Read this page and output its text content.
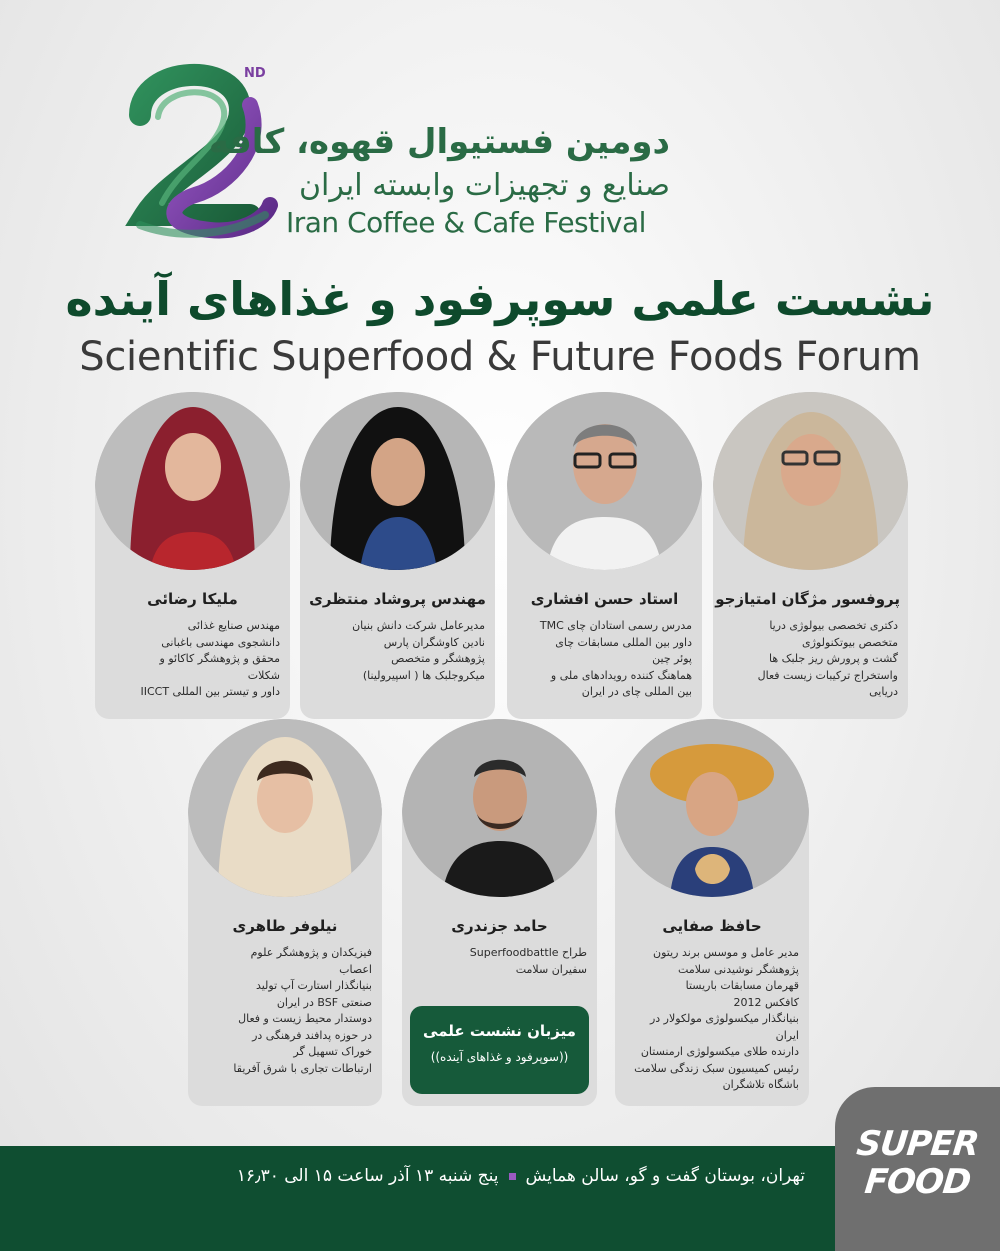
ND
دومین فستیوال قهوه، کافه
صنایع و تجهیزات وابسته ایران
Iran Coffee & Cafe Festival
نشست علمی سوپرفود و غذاهای آینده
Scientific Superfood & Future Foods Forum
پروفسور مژگان امتیازجو
دکتری تخصصی بیولوژی دریا
متخصص بیوتکنولوژی
گشت و پرورش ریز جلبک ها
واستخراج ترکیبات زیست فعال
دریایی
استاد حسن افشاری
مدرس رسمی استادان چای TMC
داور بین المللی مسابقات چای
پوئر چین
هماهنگ کننده رویدادهای ملی و
بین المللی چای در ایران
مهندس پروشاد منتظری
مدیرعامل شرکت دانش بنیان
نادین کاوشگران پارس
پژوهشگر و متخصص
میکروجلبک ها ( اسپیرولینا)
ملیکا رضائی
مهندس صنایع غذائی
دانشجوی مهندسی باغبانی
محقق و پژوهشگر کاکائو و
شکلات
داور و تیستر بین المللی IICCT
حافظ صفایی
مدیر عامل و موسس برند ریتون
پژوهشگر نوشیدنی سلامت
قهرمان مسابقات باریستا
کافکس 2012
بنیانگذار میکسولوژی مولکولار در
ایران
دارنده طلای میکسولوژی ارمنستان
رئیس کمیسیون سبک زندگی سلامت
باشگاه تلاشگران
حامد جزندری
طراح Superfoodbattle
سفیران سلامت
میزبان نشست علمی
((سوپرفود و غذاهای آینده))
نیلوفر طاهری
فیزیکدان و پژوهشگر علوم
اعصاب
بنیانگذار استارت آپ تولید
صنعتی BSF در ایران
دوستدار محیط زیست و فعال
در حوزه پدافند فرهنگی در
خوراک تسهیل گر
ارتباطات تجاری با شرق آفریقا
تهران، بوستان گفت و گو، سالن همایشپنج شنبه ۱۳ آذر ساعت ۱۵ الی ۱۶٫۳۰
SUPER
FOOD
